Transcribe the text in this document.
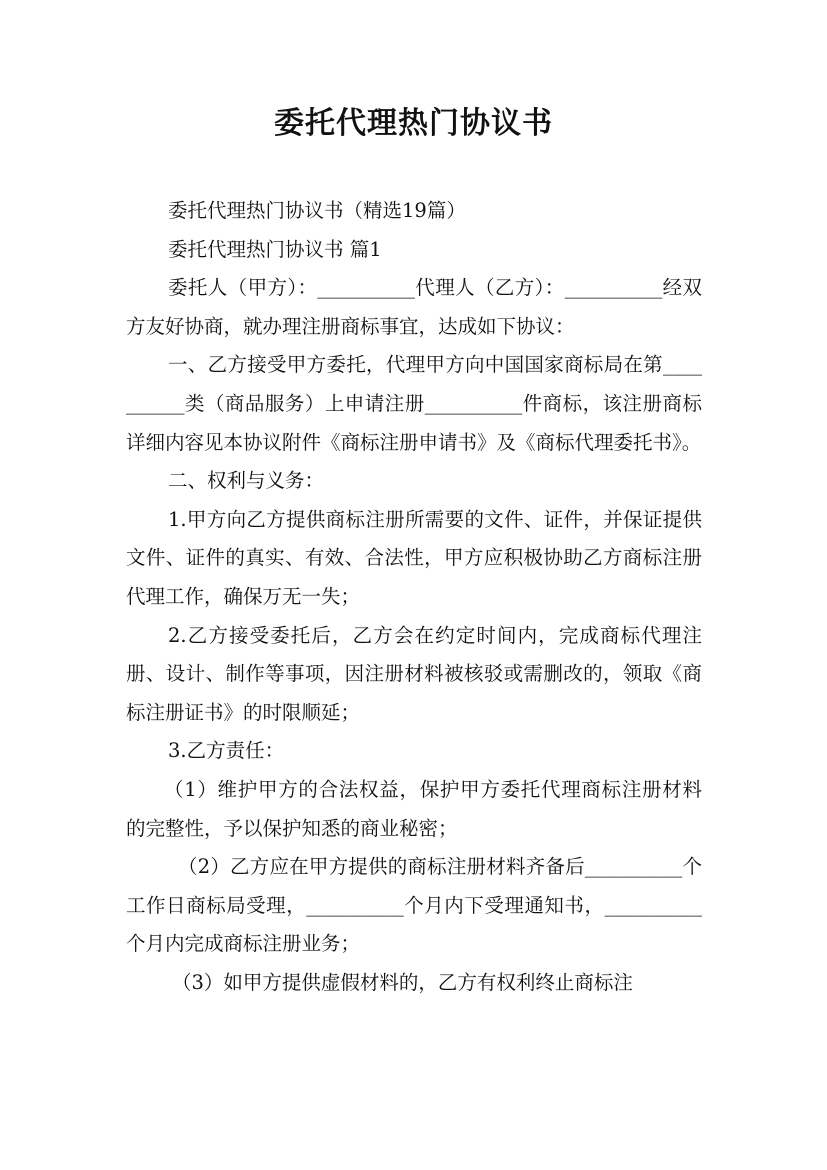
委托代理热门协议书

委托代理热门协议书（精选19篇）

委托代理热门协议书 篇1

委托人（甲方）：__________代理人（乙方）：__________经双方友好协商，就办理注册商标事宜，达成如下协议：

一、乙方接受甲方委托，代理甲方向中国国家商标局在第__________类（商品服务）上申请注册__________件商标，该注册商标详细内容见本协议附件《商标注册申请书》及《商标代理委托书》。

二、权利与义务：

1.甲方向乙方提供商标注册所需要的文件、证件，并保证提供文件、证件的真实、有效、合法性，甲方应积极协助乙方商标注册代理工作，确保万无一失；

2.乙方接受委托后，乙方会在约定时间内，完成商标代理注册、设计、制作等事项，因注册材料被核驳或需删改的，领取《商标注册证书》的时限顺延；

3.乙方责任：

（1）维护甲方的合法权益，保护甲方委托代理商标注册材料的完整性，予以保护知悉的商业秘密；

（2）乙方应在甲方提供的商标注册材料齐备后__________个工作日商标局受理，__________个月内下受理通知书，__________个月内完成商标注册业务；

（3）如甲方提供虚假材料的，乙方有权利终止商标注
